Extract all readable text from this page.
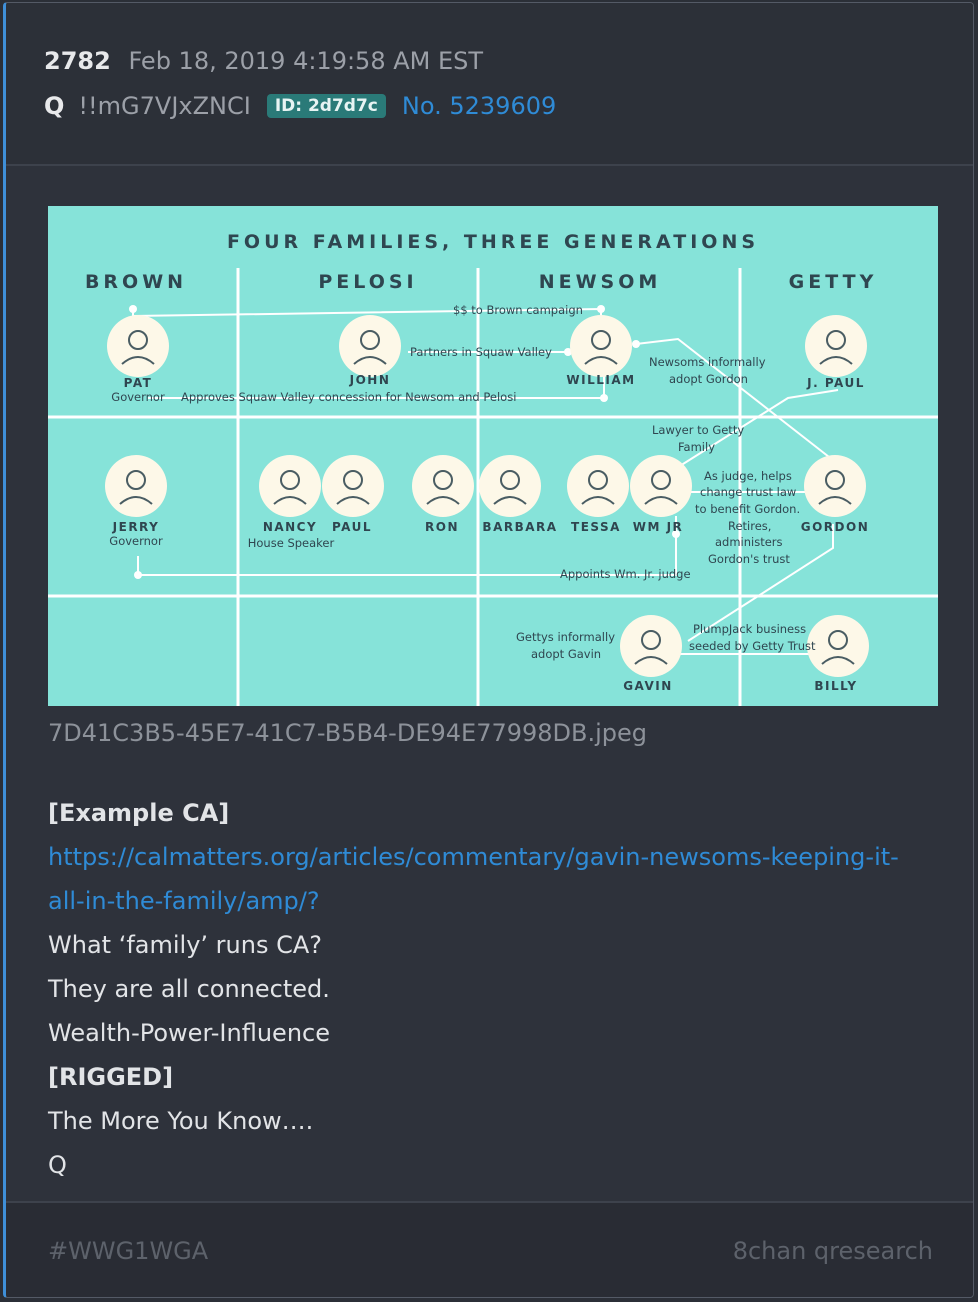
2782 Feb 18, 2019 4:19:58 AM EST
Q !!mG7VJxZNCI	ID: 2d7d7c	No. 5239609
FOUR FAMILIES, THREE GENERATIONS
BROWN	PELOSI	NEWSOM	GETTY
PAT	JOHN	WILLIAM	J. PAUL
JERRY	NANCY PAUL	RON BARBARA TESSA WM JR	GORDON
GAVIN	BILLY
Governor
Governor	House Speaker
$$ to Brown campaign
Partners in Squaw Valley
Newsoms informally
adopt Gordon
Approves Squaw Valley concession for Newsom and Pelosi
Lawyer to Getty
Family
As judge, helps
change trust law
to benefit Gordon.
Retires,
administers
Gordon's trust
Appoints Wm. Jr. judge
Gettys informally
adopt Gavin
PlumpJack business
seeded by Getty Trust
7D41C3B5-45E7-41C7-B5B4-DE94E77998DB.jpeg
[Example CA]
https://calmatters.org/articles/commentary/gavin-newsoms-keeping-it-
all-in-the-family/amp/?
What ‘family’ runs CA?
They are all connected.
Wealth-Power-Influence
[RIGGED]
The More You Know….
Q
#WWG1WGA	8chan qresearch
